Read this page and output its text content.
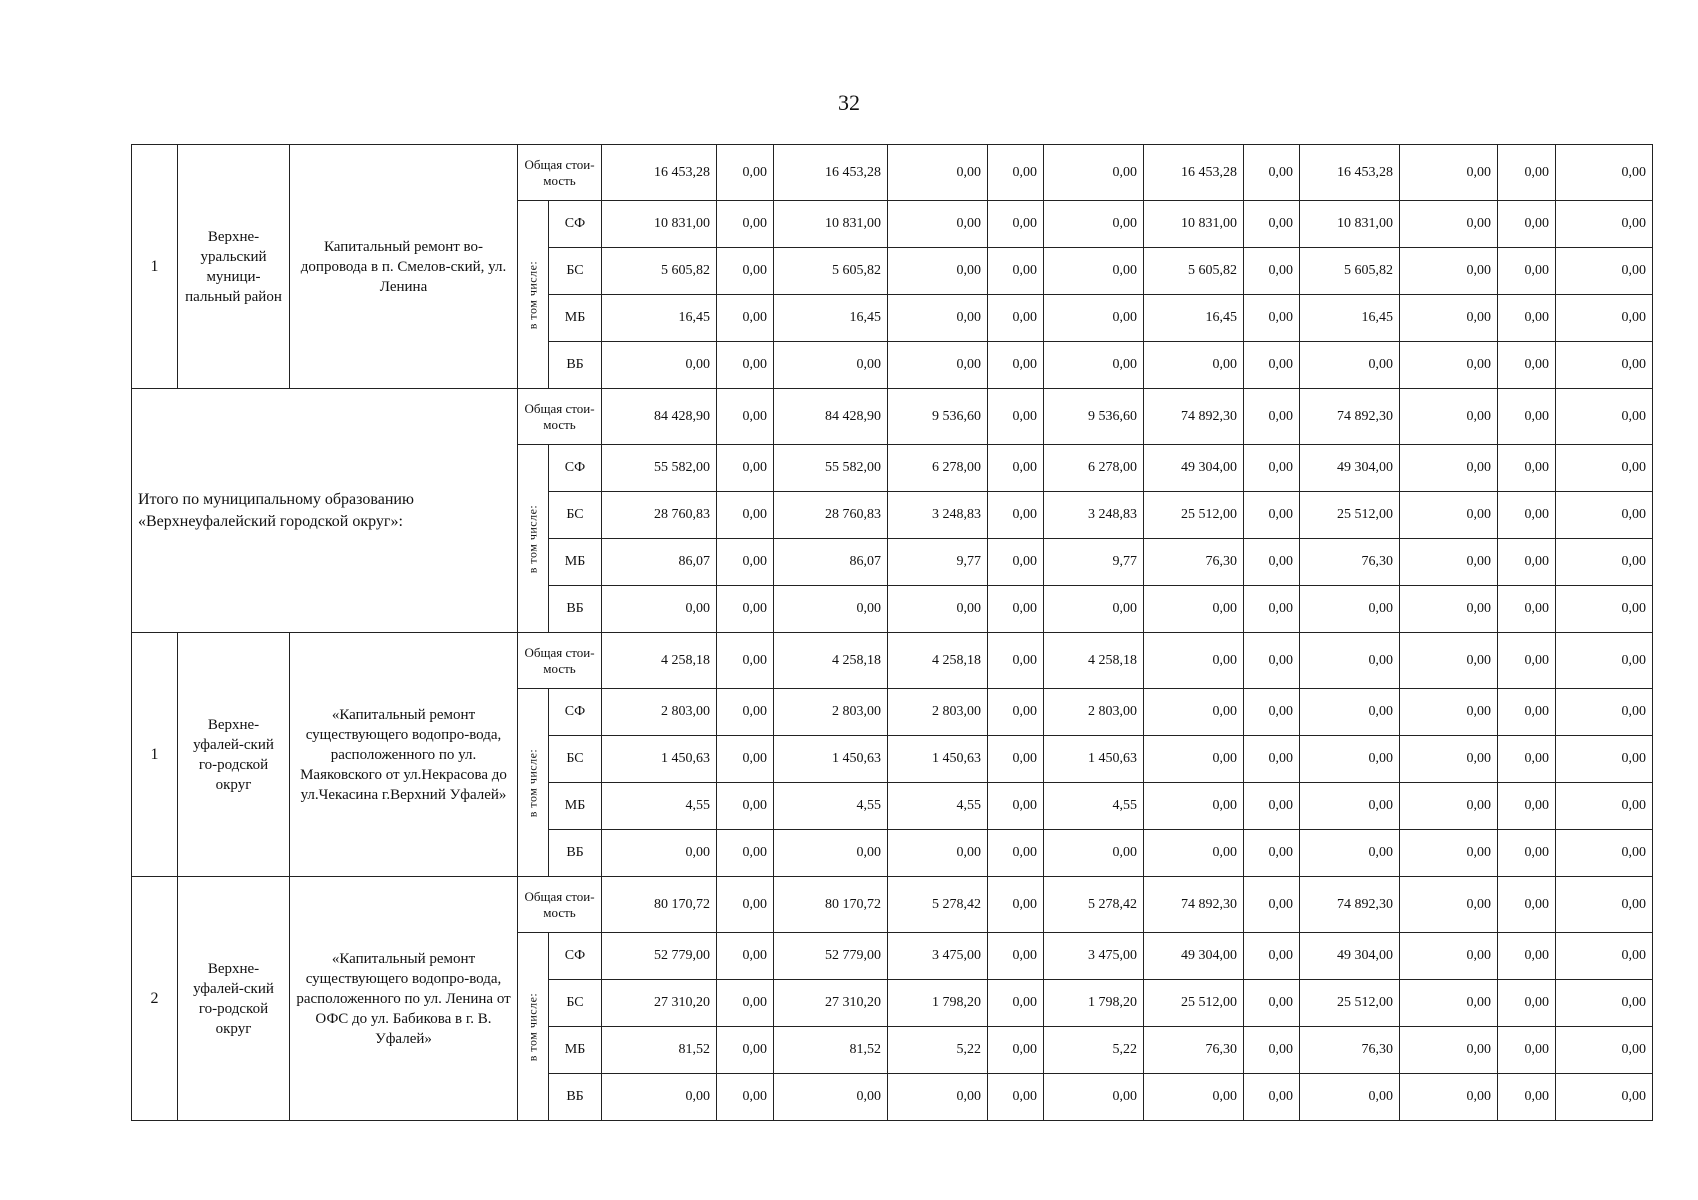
32
1	Верхне-уральский муници-пальный район	Капитальный ремонт во-допровода в п. Смелов-ский, ул. Ленина	Общая стои-мость		16 453,28	0,00	16 453,28	0,00	0,00	0,00	16 453,28	0,00	16 453,28	0,00	0,00	0,00

			в том числе:	СФ	10 831,00	0,00	10 831,00	0,00	0,00	0,00	10 831,00	0,00	10 831,00	0,00	0,00	0,00
				БС	5 605,82	0,00	5 605,82	0,00	0,00	0,00	5 605,82	0,00	5 605,82	0,00	0,00	0,00
				МБ	16,45	0,00	16,45	0,00	0,00	0,00	16,45	0,00	16,45	0,00	0,00	0,00
				ВБ	0,00	0,00	0,00	0,00	0,00	0,00	0,00	0,00	0,00	0,00	0,00	0,00
Итого по муниципальному образованию «Верхнеуфалейский городской округ»:			Общая стои-мость		84 428,90	0,00	84 428,90	9 536,60	0,00	9 536,60	74 892,30	0,00	74 892,30	0,00	0,00	0,00

			в том числе:	СФ	55 582,00	0,00	55 582,00	6 278,00	0,00	6 278,00	49 304,00	0,00	49 304,00	0,00	0,00	0,00
				БС	28 760,83	0,00	28 760,83	3 248,83	0,00	3 248,83	25 512,00	0,00	25 512,00	0,00	0,00	0,00
				МБ	86,07	0,00	86,07	9,77	0,00	9,77	76,30	0,00	76,30	0,00	0,00	0,00
				ВБ	0,00	0,00	0,00	0,00	0,00	0,00	0,00	0,00	0,00	0,00	0,00	0,00
1	Верхне-уфалей-ский го-родской округ	«Капитальный ремонт существующего водопро-вода, расположенного по ул. Маяковского от ул.Некрасова до ул.Чекасина г.Верхний Уфалей»	Общая стои-мость		4 258,18	0,00	4 258,18	4 258,18	0,00	4 258,18	0,00	0,00	0,00	0,00	0,00	0,00

			в том числе:	СФ	2 803,00	0,00	2 803,00	2 803,00	0,00	2 803,00	0,00	0,00	0,00	0,00	0,00	0,00
				БС	1 450,63	0,00	1 450,63	1 450,63	0,00	1 450,63	0,00	0,00	0,00	0,00	0,00	0,00
				МБ	4,55	0,00	4,55	4,55	0,00	4,55	0,00	0,00	0,00	0,00	0,00	0,00
				ВБ	0,00	0,00	0,00	0,00	0,00	0,00	0,00	0,00	0,00	0,00	0,00	0,00
2	Верхне-уфалей-ский го-родской округ	«Капитальный ремонт существующего водопро-вода, расположенного по ул. Ленина от ОФС до ул. Бабикова в г. В. Уфалей»	Общая стои-мость		80 170,72	0,00	80 170,72	5 278,42	0,00	5 278,42	74 892,30	0,00	74 892,30	0,00	0,00	0,00

			в том числе:	СФ	52 779,00	0,00	52 779,00	3 475,00	0,00	3 475,00	49 304,00	0,00	49 304,00	0,00	0,00	0,00
				БС	27 310,20	0,00	27 310,20	1 798,20	0,00	1 798,20	25 512,00	0,00	25 512,00	0,00	0,00	0,00
				МБ	81,52	0,00	81,52	5,22	0,00	5,22	76,30	0,00	76,30	0,00	0,00	0,00
				ВБ	0,00	0,00	0,00	0,00	0,00	0,00	0,00	0,00	0,00	0,00	0,00	0,00
